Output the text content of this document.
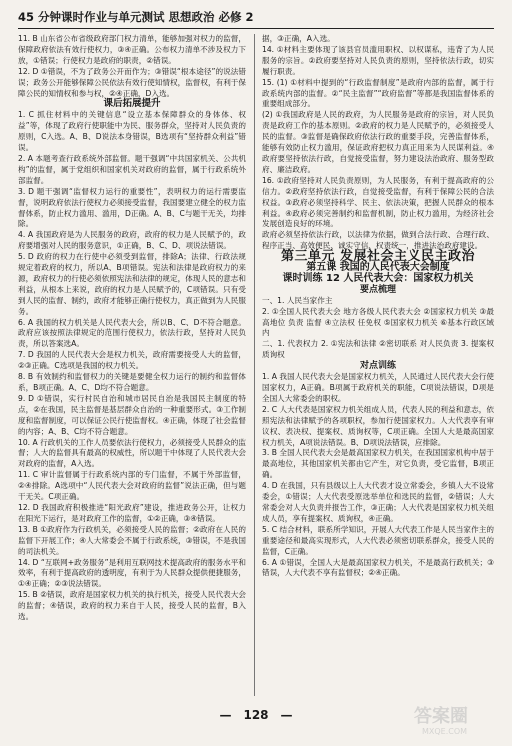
45 分钟课时作业与单元测试 思想政治 必修 2

11. B 山东省公布省级政府部门权力清单，能够加强对权力的监督，保障政府依法有效行使权力，③④正确。公布权力清单不涉及权力下放，①错误；行使权力是政府的职责，②错误。

12. D ①错误，不为了政务公开而作为；③错误“根本途径”的说法错误；政务公开能够保障公民依法有效行使知情权，监督权，有利于保障公民的知情权和参与权，②④正确，D入选。

课后拓展提升

1. C 抓住材料中的关键信息“设立基本保障群众的身体体、权益”等，体现了政府行使职能中为民、服务群众，坚持对人民负责的原则，C入选。A、B、D说法本身错误，B选项有“坚持群众利益”错误。

2. A 本题考查行政系统外部监督。题干强调“中共国家机关、公共机构”的监督，属于党组织和国家机关对政府的监督，属于行政系统外部监督。

3. D 题干强调“监督权力运行的重要性”，表明权力的运行需要监督，说明政府依法行使权力必须接受监督，我国要建立健全的权力监督体系，防止权力滥用、滥用，D正确。A、B、C与题干无关，均排除。

4. A 我国政府是为人民服务的政府，政府的权力是人民赋予的，政府要增强对人民的服务意识，①正确，B、C、D、项说法错误。

5. D 政府的权力在行使中必须受到监督，排除A；法律、行政法规规定着政府的权力，所以A、B项错误。宪法和法律是政府权力的来源，政府权力的行使必须依照宪法和法律的规定，体现人民的意志和利益，从根本上来说，政府的权力是人民赋予的，C项错误。只有受到人民的监督、制约，政府才能够正确行使权力，真正做到为人民服务。

6. A 我国的权力机关是人民代表大会，所以B、C、D不符合题意。政府应该按照法律规定的范围行使权力，依法行政，坚持对人民负责，所以答案选A。

7. D 我国的人民代表大会是权力机关，政府需要接受人大的监督，②③正确。C选项是我国的权力机关。

8. B 有效制约和监督权力的关键是要健全权力运行的制约和监督体系，B项正确。A、C、D均不符合题意。

9. D ①错误，实行村民自治和城市居民自治是我国民主制度的特点，②在我国，民主监督是基层群众自治的一种重要形式。③工作制度和监督制度，可以保证公民行使监督权。④正确，体现了社会监督的内容；A、B、C均不符合题意。

10. A 行政机关的工作人员要依法行使权力，必须接受人民群众的监督；人大的监督具有最高的权威性，所以题干中体现了人民代表大会对政府的监督，A入选。

11. C 审计监督属于行政系统内部的专门监督，不属于外部监督，②④排除。A选项中“人民代表大会对政府的监督”说法正确，但与题干无关。C项正确。

12. D 我国政府积极推进“阳光政府”建设，推进政务公开，让权力在阳光下运行，是对政府工作的监督，①②正确，③④错误。

13. B ①政府作为行政机关，必须接受人民的监督；②政府在人民的监督下开展工作；④人大常委会不属于行政系统，③错误，不是我国的司法机关。

14. D “互联网+政务服务”是利用互联网技术提高政府的服务水平和效率，有利于提高政府的透明度，有利于为人民群众提供便捷服务，①④正确；②③说法错误。

15. B ②错误，政府是国家权力机关的执行机关，接受人民代表大会的监督；④错误，政府的权力来自于人民，接受人民的监督，B入选。

据，③正确，A入选。

14. ①材料主要体现了该县官员滥用职权、以权谋私，违背了为人民服务的宗旨。②政府要坚持对人民负责的原则，坚持依法行政，切实履行职责。

15. (1) ①材料中提到的“行政监督制度”是政府内部的监督，属于行政系统内部的监督。②“民主监督”“政府监督”等都是我国监督体系的重要组成部分。

(2) ①我国政府是人民的政府，为人民服务是政府的宗旨，对人民负责是政府工作的基本原则。②政府的权力是人民赋予的，必须接受人民的监督。③监督是确保政府依法行政的重要手段，完善监督体系，能够有效防止权力滥用，保证政府把权力真正用来为人民谋利益。④政府要坚持依法行政，自觉接受监督，努力建设法治政府、服务型政府、廉洁政府。

16. ①政府坚持对人民负责原则，为人民服务，有利于提高政府的公信力。②政府坚持依法行政，自觉接受监督，有利于保障公民的合法权益。③政府必须坚持科学、民主、依法决策，把握人民群众的根本利益。④政府必须完善制约和监督机制，防止权力滥用，为经济社会发展创造良好的环境。

政府必须坚持依法行政，以法律为依据，做到合法行政、合理行政、程序正当、高效便民、诚实守信、权责统一，推进法治政府建设。

第三单元 发展社会主义民主政治

第五课 我国的人民代表大会制度

课时训练 12 人民代表大会：国家权力机关

要点梳理

一、1. 人民当家作主

2. ①全国人民代表大会 地方各级人民代表大会 ②国家权力机关 ③最高地位 负责 监督 ④立法权 任免权 ⑤国家权力机关 ⑥基本行政区域内

二、1. 代表权力 2. ①宪法和法律 ②密切联系 对人民负责 3. 提案权 质询权

对点训练

1. A 我国人民代表大会是国家权力机关，人民通过人民代表大会行使国家权力，A正确。B项属于政府机关的职能，C项说法错误，D项是全国人大常委会的职权。

2. C 人大代表是国家权力机关组成人员，代表人民的利益和意志，依照宪法和法律赋予的各项职权，参加行使国家权力。人大代表享有审议权、表决权、提案权、质询权等，C项正确。全国人大是最高国家权力机关，A项说法错误。B、D项说法错误，应排除。

3. B 全国人民代表大会是最高国家权力机关，在我国国家机构中居于最高地位，其他国家机关都由它产生，对它负责，受它监督，B项正确。

4. D 在我国，只有县级以上人大代表才设立常委会，乡镇人大不设常委会，①错误；人大代表受原选举单位和选民的监督，②错误；人大常委会对人大负责并报告工作，③正确；人大代表是国家权力机关组成人员，享有提案权、质询权，④正确。

5. C 结合材料，联系所学知识，开展人大代表工作是人民当家作主的重要途径和最高实现形式，人大代表必须密切联系群众，接受人民的监督，C正确。

6. A ①错误，全国人大是最高国家权力机关，不是最高行政机关；③错误，人大代表不享有监督权；②④正确。

— 128 —	答案圈
MXQE.COM
